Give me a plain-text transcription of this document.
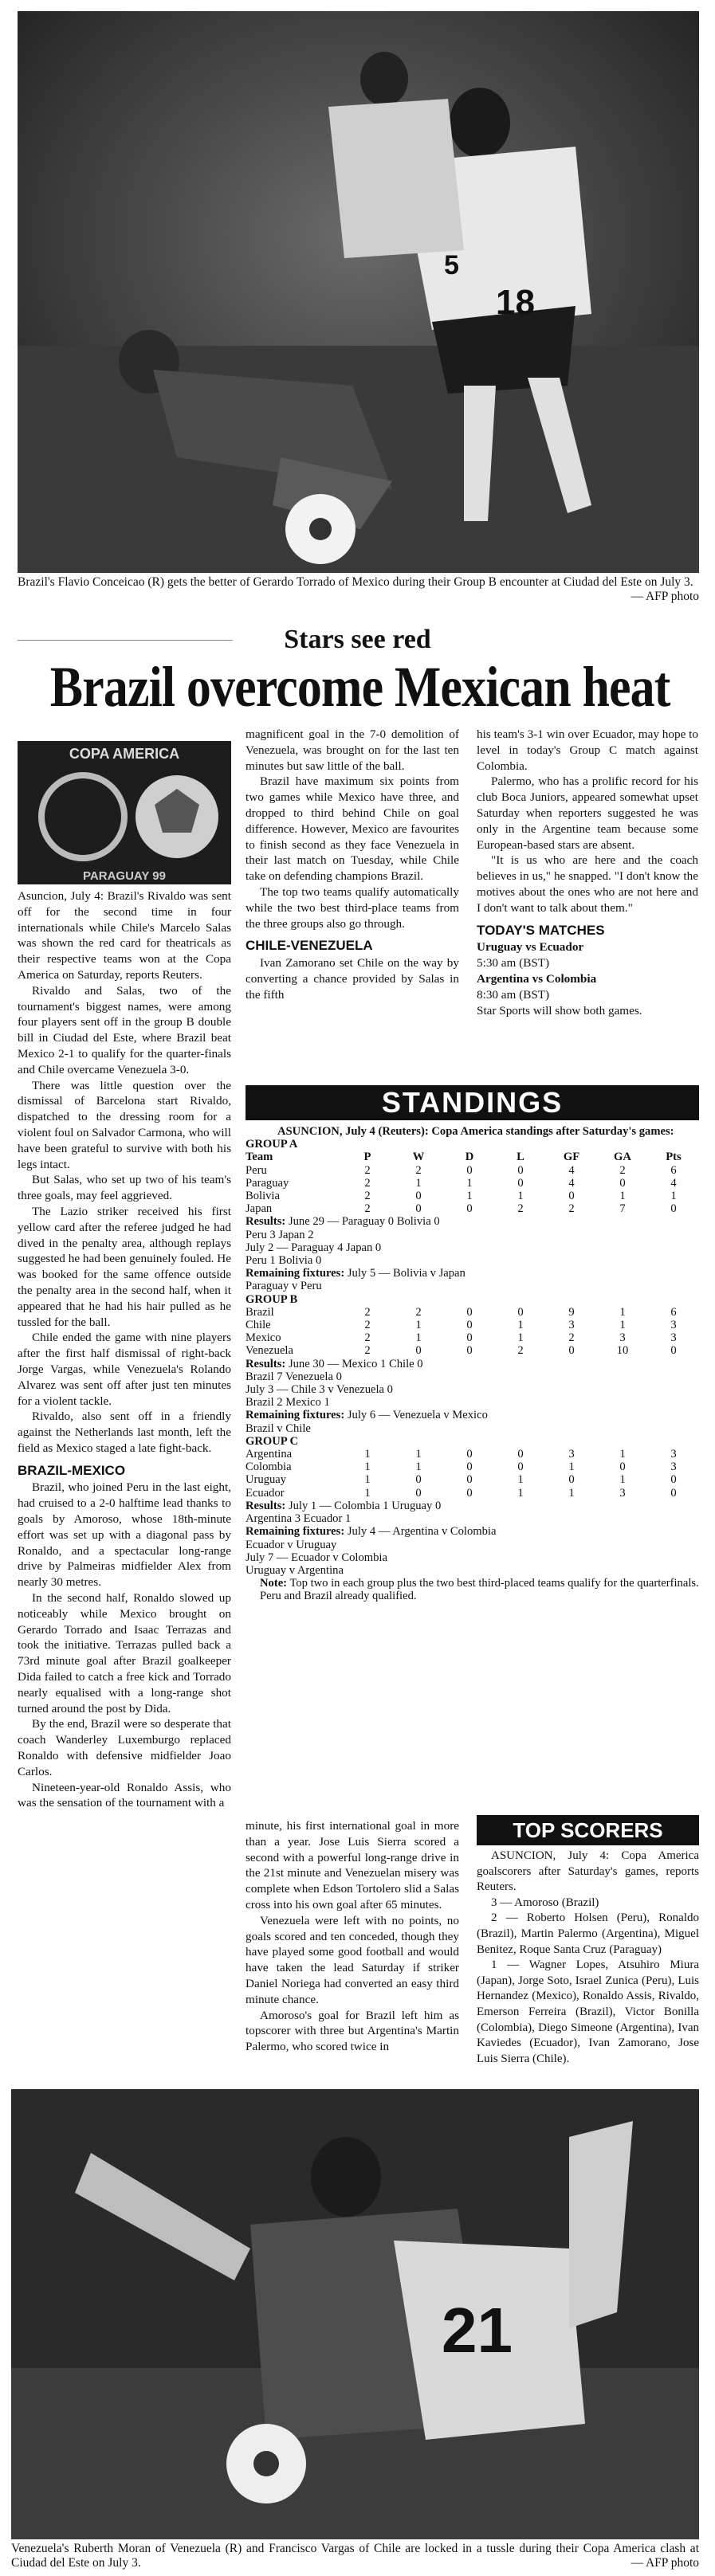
18
5
Brazil's Flavio Conceicao (R) gets the better of Gerardo Torrado of Mexico during their Group B encounter at Ciudad del Este on July 3.
— AFP photo
Stars see red
Brazil overcome Mexican heat
COPA AMERICA
PARAGUAY 99

Asuncion, July 4: Brazil's Rivaldo was sent off for the second time in four internationals while Chile's Marcelo Salas was shown the red card for theatricals as their respective teams won at the Copa America on Saturday, reports Reuters.

Rivaldo and Salas, two of the tournament's biggest names, were among four players sent off in the group B double bill in Ciudad del Este, where Brazil beat Mexico 2-1 to qualify for the quarter-finals and Chile overcame Venezuela 3-0.

There was little question over the dismissal of Barcelona start Rivaldo, dispatched to the dressing room for a violent foul on Salvador Carmona, who will have been grateful to survive with both his legs intact.

But Salas, who set up two of his team's three goals, may feel aggrieved.

The Lazio striker received his first yellow card after the referee judged he had dived in the penalty area, although replays suggested he had been genuinely fouled. He was booked for the same offence outside the penalty area in the second half, when it appeared that he had his hair pulled as he tussled for the ball.

Chile ended the game with nine players after the first half dismissal of right-back Jorge Vargas, while Venezuela's Rolando Alvarez was sent off after just ten minutes for a violent tackle.

Rivaldo, also sent off in a friendly against the Netherlands last month, left the field as Mexico staged a late fight-back.

BRAZIL-MEXICO

Brazil, who joined Peru in the last eight, had cruised to a 2-0 halftime lead thanks to goals by Amoroso, whose 18th-minute effort was set up with a diagonal pass by Ronaldo, and a spectacular long-range drive by Palmeiras midfielder Alex from nearly 30 metres.

In the second half, Ronaldo slowed up noticeably while Mexico brought on Gerardo Torrado and Isaac Terrazas and took the initiative. Terrazas pulled back a 73rd minute goal after Brazil goalkeeper Dida failed to catch a free kick and Torrado nearly equalised with a long-range shot turned around the post by Dida.

By the end, Brazil were so desperate that coach Wanderley Luxemburgo replaced Ronaldo with defensive midfielder Joao Carlos.

Nineteen-year-old Ronaldo Assis, who was the sensation of the tournament with a

magnificent goal in the 7-0 demolition of Venezuela, was brought on for the last ten minutes but saw little of the ball.

Brazil have maximum six points from two games while Mexico have three, and dropped to third behind Chile on goal difference. However, Mexico are favourites to finish second as they face Venezuela in their last match on Tuesday, while Chile take on defending champions Brazil.

The top two teams qualify automatically while the two best third-place teams from the three groups also go through.

CHILE-VENEZUELA

Ivan Zamorano set Chile on the way by converting a chance provided by Salas in the fifth

his team's 3-1 win over Ecuador, may hope to level in today's Group C match against Colombia.

Palermo, who has a prolific record for his club Boca Juniors, appeared somewhat upset Saturday when reporters suggested he was only in the Argentine team because some European-based stars are absent.

"It is us who are here and the coach believes in us," he snapped. "I don't know the motives about the ones who are not here and I don't want to talk about them."

TODAY'S MATCHES
Uruguay vs Ecuador
5:30 am (BST)
Argentina vs Colombia
8:30 am (BST)
Star Sports will show both games.
STANDINGS
ASUNCION, July 4 (Reuters): Copa America standings after Saturday's games:
GROUP A
Team	P	W	D	L	GF	GA	Pts
Peru	2	2	0	0	4	2	6
Paraguay	2	1	1	0	4	0	4
Bolivia	2	0	1	1	0	1	1
Japan	2	0	0	2	2	7	0
Results: June 29 — Paraguay 0 Bolivia 0
Peru 3 Japan 2
July 2 — Paraguay 4 Japan 0
Peru 1 Bolivia 0
Remaining fixtures: July 5 — Bolivia v Japan
Paraguay v Peru
GROUP B
Brazil	2	2	0	0	9	1	6
Chile	2	1	0	1	3	1	3
Mexico	2	1	0	1	2	3	3
Venezuela	2	0	0	2	0	10	0
Results: June 30 — Mexico 1 Chile 0
Brazil 7 Venezuela 0
July 3 — Chile 3 v Venezuela 0
Brazil 2 Mexico 1
Remaining fixtures: July 6 — Venezuela v Mexico
Brazil v Chile
GROUP C
Argentina	1	1	0	0	3	1	3
Colombia	1	1	0	0	1	0	3
Uruguay	1	0	0	1	0	1	0
Ecuador	1	0	0	1	1	3	0
Results: July 1 — Colombia 1 Uruguay 0
Argentina 3 Ecuador 1
Remaining fixtures: July 4 — Argentina v Colombia
Ecuador v Uruguay
July 7 — Ecuador v Colombia
Uruguay v Argentina
Note: Top two in each group plus the two best third-placed teams qualify for the quarterfinals.
Peru and Brazil already qualified.

minute, his first international goal in more than a year. Jose Luis Sierra scored a second with a powerful long-range drive in the 21st minute and Venezuelan misery was complete when Edson Tortolero slid a Salas cross into his own goal after 65 minutes.

Venezuela were left with no points, no goals scored and ten conceded, though they have played some good football and would have taken the lead Saturday if striker Daniel Noriega had converted an easy third minute chance.

Amoroso's goal for Brazil left him as topscorer with three but Argentina's Martin Palermo, who scored twice in

TOP SCORERS

ASUNCION, July 4: Copa America goalscorers after Saturday's games, reports Reuters.

3 — Amoroso (Brazil)

2 — Roberto Holsen (Peru), Ronaldo (Brazil), Martin Palermo (Argentina), Miguel Benitez, Roque Santa Cruz (Paraguay)

1 — Wagner Lopes, Atsuhiro Miura (Japan), Jorge Soto, Israel Zunica (Peru), Luis Hernandez (Mexico), Ronaldo Assis, Rivaldo, Emerson Ferreira (Brazil), Victor Bonilla (Colombia), Diego Simeone (Argentina), Ivan Kaviedes (Ecuador), Ivan Zamorano, Jose Luis Sierra (Chile).

21
Venezuela's Ruberth Moran of Venezuela (R) and Francisco Vargas of Chile are locked in a tussle during their Copa America clash at Ciudad del Este on July 3.	— AFP photo
